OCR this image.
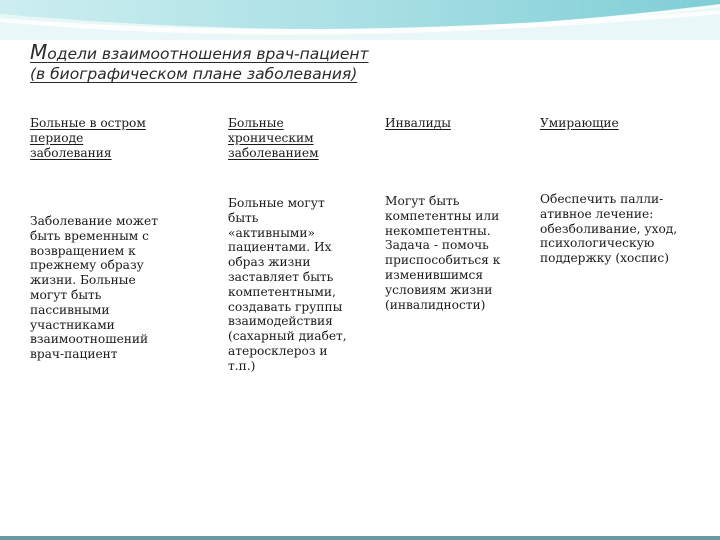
Модели взаимоотношения врач-пациент
(в биографическом плане заболевания)
Больные в остром
периоде
заболевания
Заболевание может
быть временным с
возвращением к
прежнему образу
жизни. Больные
могут быть
пассивными
участниками
взаимоотношений
врач-пациент
Больные
хроническим
заболеванием
Больные могут
быть
«активными»
пациентами. Их
образ жизни
заставляет быть
компетентными,
создавать группы
взаимодействия
(сахарный диабет,
атеросклероз и
т.п.)
Инвалиды
Могут быть
компетентны или
некомпетентны.
Задача - помочь
приспособиться к
изменившимся
условиям жизни
(инвалидности)
Умирающие
Обеспечить палли-
ативное лечение:
обезболивание, уход,
психологическую
поддержку (хоспис)
